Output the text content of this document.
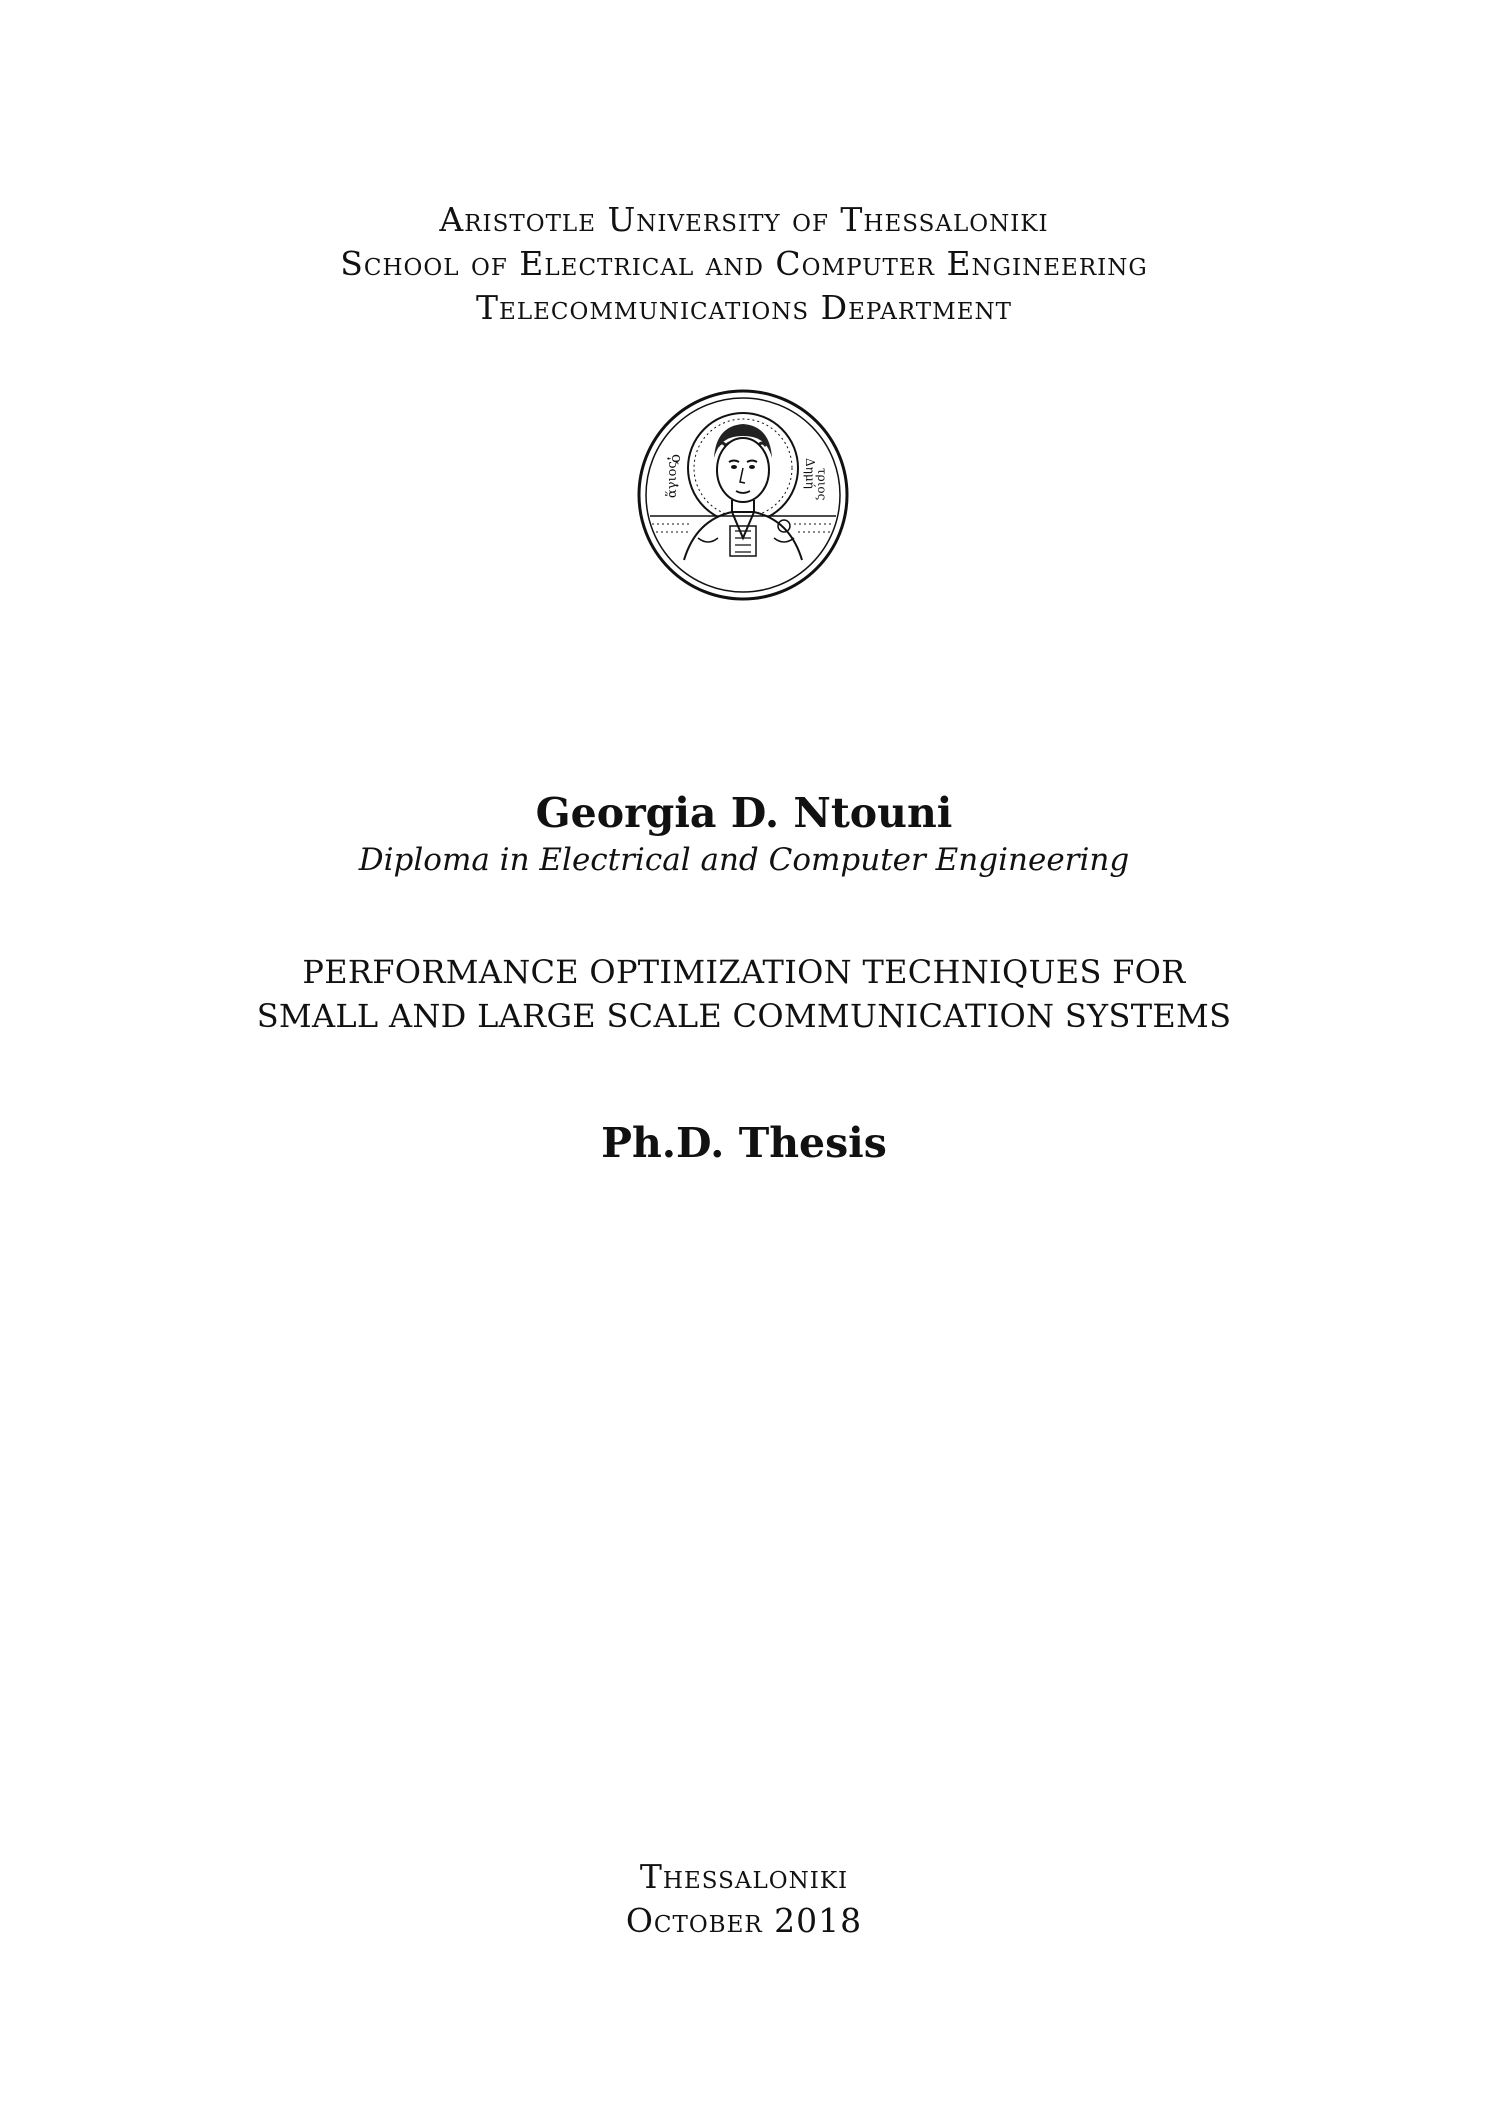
Aristotle University of Thessaloniki

School of Electrical and Computer Engineering

Telecommunications Department

ὁ
ἅγιος	Δημή
τριος

Georgia D. Ntouni

Diploma in Electrical and Computer Engineering

PERFORMANCE OPTIMIZATION TECHNIQUES FOR

SMALL AND LARGE SCALE COMMUNICATION SYSTEMS

Ph.D. Thesis

Thessaloniki

October 2018
